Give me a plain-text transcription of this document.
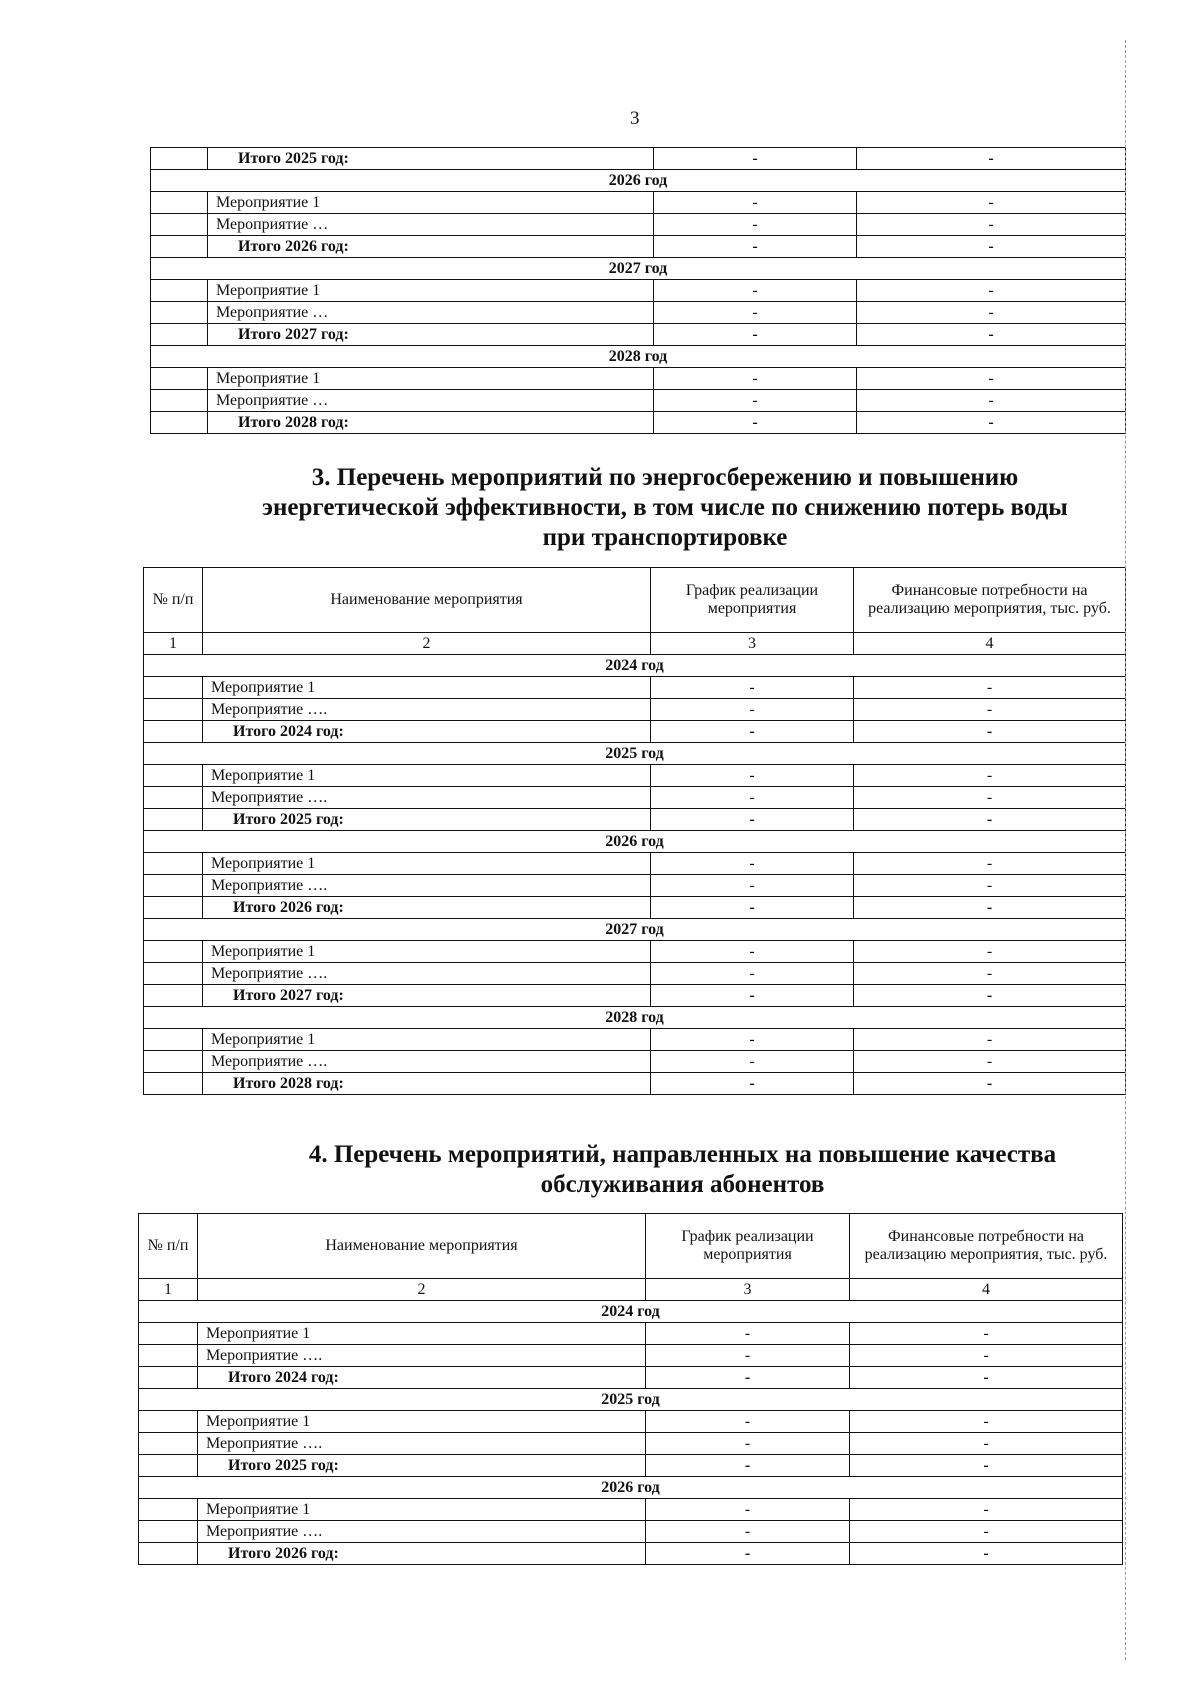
3
	Итого 2025 год:	-	-
2026 год			
	Мероприятие 1	-	-
	Мероприятие …	-	-
	Итого 2026 год:	-	-
2027 год			
	Мероприятие 1	-	-
	Мероприятие …	-	-
	Итого 2027 год:	-	-
2028 год			
	Мероприятие 1	-	-
	Мероприятие …	-	-
	Итого 2028 год:	-	-
3. Перечень мероприятий по энергосбережению и повышению
энергетической эффективности, в том числе по снижению потерь воды
при транспортировке
№ п/п	Наименование мероприятия	График реализации мероприятия	Финансовые потребности на реализацию мероприятия, тыс. руб.
1	2	3	4
2024 год			
	Мероприятие 1	-	-
	Мероприятие ….	-	-
	Итого 2024 год:	-	-
2025 год			
	Мероприятие 1	-	-
	Мероприятие ….	-	-
	Итого 2025 год:	-	-
2026 год			
	Мероприятие 1	-	-
	Мероприятие ….	-	-
	Итого 2026 год:	-	-
2027 год			
	Мероприятие 1	-	-
	Мероприятие ….	-	-
	Итого 2027 год:	-	-
2028 год			
	Мероприятие 1	-	-
	Мероприятие ….	-	-
	Итого 2028 год:	-	-
4. Перечень мероприятий, направленных на повышение качества
обслуживания абонентов
№ п/п	Наименование мероприятия	График реализации мероприятия	Финансовые потребности на реализацию мероприятия, тыс. руб.
1	2	3	4
2024 год			
	Мероприятие 1	-	-
	Мероприятие ….	-	-
	Итого 2024 год:	-	-
2025 год			
	Мероприятие 1	-	-
	Мероприятие ….	-	-
	Итого 2025 год:	-	-
2026 год			
	Мероприятие 1	-	-
	Мероприятие ….	-	-
	Итого 2026 год:	-	-
